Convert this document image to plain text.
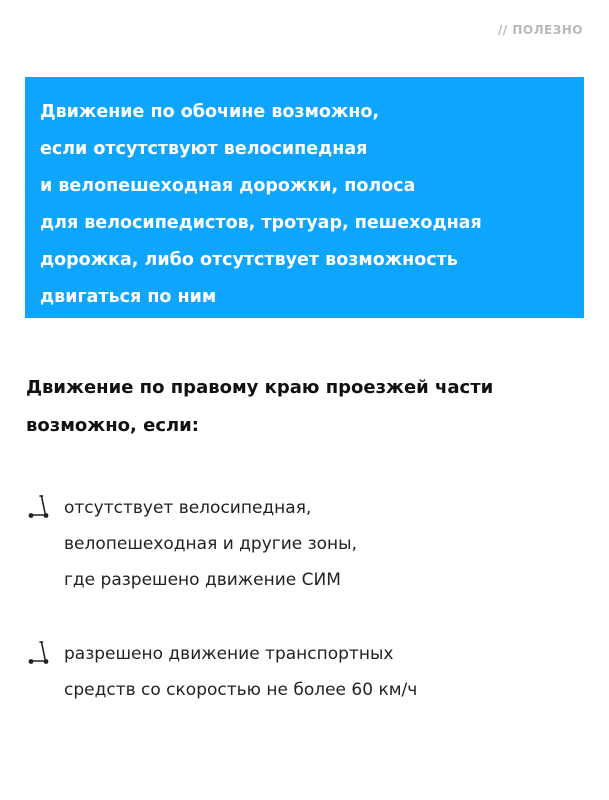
// ПОЛЕЗНО
Движение по обочине возможно,
если отсутствуют велосипедная
и велопешеходная дорожки, полоса
для велосипедистов, тротуар, пешеходная
дорожка, либо отсутствует возможность
двигаться по ним
Движение по правому краю проезжей части
возможно, если:
отсутствует велосипедная,
велопешеходная и другие зоны,
где разрешено движение СИМ
разрешено движение транспортных
средств со скоростью не более 60 км/ч
